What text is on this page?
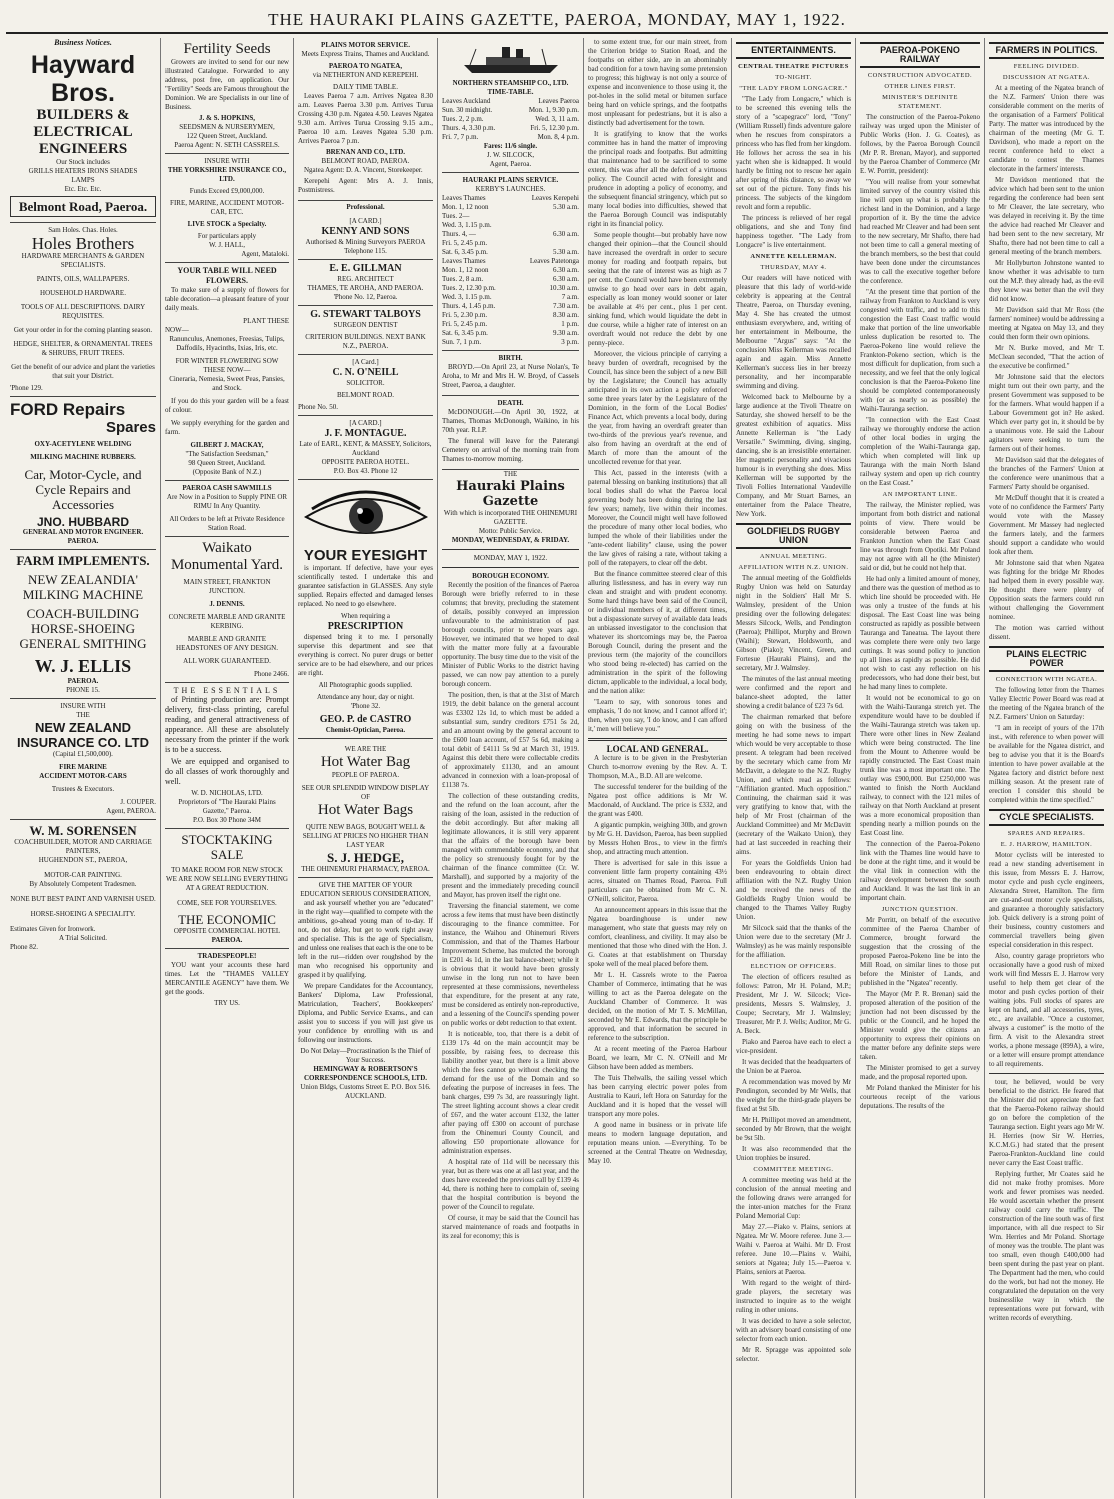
THE HAURAKI PLAINS GAZETTE, PAEROA, MONDAY, MAY 1, 1922.
Business Notices.
Hayward Bros.
BUILDERS &
ELECTRICAL
ENGINEERS
Our Stock includes
GRILLS HEATERS IRONS SHADES LAMPS
Etc. Etc. Etc.
Belmont Road, Paeroa.
Sam Holes. Chas. Holes.
Holes Brothers
HARDWARE MERCHANTS & GARDEN SPECIALISTS.
PAINTS, OILS, WALLPAPERS.
HOUSEHOLD HARDWARE.
TOOLS OF ALL DESCRIPTIONS. DAIRY REQUISITES.
Get your order in for the coming planting season.
HEDGE, SHELTER, & ORNAMENTAL TREES & SHRUBS, FRUIT TREES.
Get the benefit of our advice and plant the varieties that suit your District.
'Phone 129.
FORD Repairs
Spares
OXY-ACETYLENE WELDING
MILKING MACHINE RUBBERS.
Car, Motor-Cycle, and Cycle Repairs and Accessories
JNO. HUBBARD
GENERAL AND MOTOR ENGINEER.
PAEROA.
FARM IMPLEMENTS.
NEW ZEALANDIA' MILKING MACHINE
COACH-BUILDING HORSE-SHOEING GENERAL SMITHING
W. J. ELLIS
PAEROA.
PHONE 15.
INSURE WITH
THE
NEW ZEALAND INSURANCE CO. LTD
(Capital £1,500,000).
FIRE MARINE
ACCIDENT MOTOR-CARS
Trustees & Executors.
J. COUPER.
Agent, PAEROA.
W. M. SORENSEN
COACHBUILDER, MOTOR AND CARRIAGE PAINTERS,
HUGHENDON ST., PAEROA,
MOTOR-CAR PAINTING.
By Absolutely Competent Tradesmen.
NONE BUT BEST PAINT AND VARNISH USED.
HORSE-SHOEING A SPECIALITY.
Estimates Given for Ironwork.
A Trial Solicited.
Phone 82.
Fertility Seeds

Growers are invited to send for our new illustrated Catalogue. Forwarded to any address, post free, on application. Our "Fertility" Seeds are Famous throughout the Dominion. We are Specialists in our line of Business.

J. & S. HOPKINS,
SEEDSMEN & NURSERYMEN,
122 Queen Street, Auckland.
Paeroa Agent: N. SETH CASSRELS.
INSURE WITH
THE YORKSHIRE INSURANCE CO., LTD.
Funds Exceed £9,000,000.
FIRE, MARINE, ACCIDENT MOTOR-CAR, ETC.
LIVE STOCK a Specialty.
For particulars apply
W. J. HALL,
Agent, Mataloki.
YOUR TABLE WILL NEED FLOWERS.

To make sure of a supply of flowers for table decoration—a pleasant feature of your daily meals.

PLANT THESE
NOW—
Ranunculus, Anemones, Freesias, Tulips, Daffodils, Hyacinths, Ixias, Iris, etc.
FOR WINTER FLOWERING SOW THESE NOW—
Cineraria, Nemesia, Sweet Peas, Pansies, and Stock.

If you do this your garden will be a feast of colour.

We supply everything for the garden and farm.

GILBERT J. MACKAY,
"The Satisfaction Seedsman,"
98 Queen Street, Auckland.
(Opposite Bank of N.Z.)
PAEROA CASH SAWMILLS
Are Now in a Position to Supply PINE OR RIMU In Any Quantity.
All Orders to be left at Private Residence Station Road.
Waikato Monumental Yard.
MAIN STREET, FRANKTON
JUNCTION.
J. DENNIS.
CONCRETE MARBLE AND GRANITE KERBING.
MARBLE AND GRANITE HEADSTONES OF ANY DESIGN.
ALL WORK GUARANTEED.
Phone 2466.
THE ESSENTIALS

of Printing production are: Prompt delivery, first-class printing, careful reading, and general attractiveness of appearance. All these are absolutely necessary from the printer if the work is to be a success.

We are equipped and organised to do all classes of work thoroughly and well.

W. D. NICHOLAS, LTD.
Proprietors of "The Hauraki Plains Gazette," Paeroa.
P.O. Box 30 Phone 34M
STOCKTAKING SALE
TO MAKE ROOM FOR NEW STOCK WE ARE NOW SELLING EVERYTHING AT A GREAT REDUCTION.
COME, SEE FOR YOURSELVES.
THE ECONOMIC
OPPOSITE COMMERCIAL HOTEL
PAEROA.
TRADESPEOPLE!

YOU want your accounts these hard times. Let the "THAMES VALLEY MERCANTILE AGENCY" have them. We get the goods.

TRY US.
PLAINS MOTOR SERVICE.
Meets Express Trains, Thames and Auckland.
PAEROA TO NGATEA,
via NETHERTON AND KEREPEHI.
DAILY TIME TABLE.

Leaves Paeroa 7 a.m. Arrives Ngatea 8.30 a.m. Leaves Paeroa 3.30 p.m. Arrives Turua Crossing 4.30 p.m. Ngatea 4.50. Leaves Ngatea 9.30 a.m. Arrives Turua Crossing 9.15 a.m., Paeroa 10 a.m. Leaves Ngatea 5.30 p.m. Arrives Paeroa 7 p.m.

BRENAN AND CO., LTD.
BELMONT ROAD, PAEROA.

Ngatea Agent: D. A. Vincent, Storekeeper.

Kerepehi Agent: Mrs A. J. Innis, Postmistress.

Professional.
[A CARD.]
KENNY AND SONS
Authorised & Mining Surveyors PAEROA
Telephone 115.
E. E. GILLMAN
REG. ARCHITECT
THAMES, TE AROHA, AND PAEROA.
'Phone No. 12, Paeroa.
G. STEWART TALBOYS
SURGEON DENTIST
CRITERION BUILDINGS. NEXT BANK N.Z., PAEROA.
[A Card.]
C. N. O'NEILL
SOLICITOR.
BELMONT ROAD.
Phone No. 50.
[A CARD.]
J. F. MONTAGUE.
Late of EARL, KENT, & MASSEY, Solicitors, Auckland
OPPOSITE PAEROA HOTEL.
P.O. Box 43. Phone 12
YOUR EYESIGHT

is important. If defective, have your eyes scientifically tested. I undertake this and guarantee satisfaction in GLASSES. Any style supplied. Repairs effected and damaged lenses replaced. No need to go elsewhere.

When requiring a
PRESCRIPTION

dispensed bring it to me. I personally supervise this department and see that everything is correct. No purer drugs or better service are to be had elsewhere, and our prices are right.

All Photographic goods supplied.
Attendance any hour, day or night.
'Phone 32.
GEO. P. de CASTRO
Chemist-Optician, Paeroa.
WE ARE THE
Hot Water Bag
PEOPLE OF PAEROA.
SEE OUR SPLENDID WINDOW DISPLAY OF
Hot Water Bags
QUITE NEW BAGS, BOUGHT WELL & SELLING AT PRICES NO HIGHER THAN LAST YEAR
S. J. HEDGE,
THE OHINEMURI PHARMACY, PAEROA.
GIVE THE MATTER OF YOUR EDUCATION SERIOUS CONSIDERATION,

and ask yourself whether you are "educated" in the right way—qualified to compete with the ambitious, go-ahead young man of to-day. If not, do not delay, but get to work right away and specialise. This is the age of Specialism, and unless one realises that each is the one to be left in the rut—ridden over roughshod by the man who recognised his opportunity and grasped it by qualifying.

We prepare Candidates for the Accountancy, Bankers' Diploma, Law Professional, Matriculation, Teachers', Bookkeepers' Diploma, and Public Service Exams., and can assist you to success if you will just give us your confidence by enrolling with us and following our instructions.

Do Not Delay—Procrastination Is the Thief of Your Success.
HEMINGWAY & ROBERTSON'S CORRESPONDENCE SCHOOLS, LTD.
Union Bldgs, Customs Street E. P.O. Box 516. AUCKLAND.
NORTHERN STEAMSHIP CO., LTD.
TIME-TABLE.
Leaves Auckland	Leaves Paeroa
Sun. 30 midnight.	Mon. 1, 9.30 p.m.
Tues. 2, 2 p.m.	Wed. 3, 11 a.m.
Thurs. 4, 3.30 p.m.	Fri. 5, 12.30 p.m.
Fri. 7, 7 p.m.	Mon. 8, 4 p.m.
Fares: 11/6 single.
J. W. SILCOCK,
Agent, Paeroa.
HAURAKI PLAINS SERVICE.
KERBY'S LAUNCHES.
Leaves Thames	Leaves Kerepehi
Mon. 1, 12 noon	5.30 a.m.
Tues. 2—
Wed. 3, 1.15 p.m.
Thurs. 4, —	6.30 a.m.
Fri. 5, 2.45 p.m.
Sat. 6, 3.45 p.m.	5.30 a.m.
Leaves Thames	Leaves Patetonga
Mon. 1, 12 noon	6.30 a.m.
Tues. 2, 8 a.m.	6.30 a.m.
Tues. 2, 12.30 p.m.	10.30 a.m.
Wed. 3, 1.15 p.m.	7 a.m.
Thurs. 4, 1.45 p.m.	7.30 a.m.
Fri. 5, 2.30 p.m.	8.30 a.m.
Fri. 5, 2.45 p.m.	1 p.m.
Sat. 6, 3.45 p.m.	9.30 a.m.
Sun. 7, 1 p.m.	3 p.m.
BIRTH.

BROYD.—On April 23, at Nurse Nolan's, Te Aroha, to Mr and Mrs H. W. Broyd, of Cassels Street, Paeroa, a daughter.

DEATH.

McDONOUGH.—On April 30, 1922, at Thames, Thomas McDonough, Waikino, in his 70th year. R.I.P.

The funeral will leave for the Paterangi Cemetery on arrival of the morning train from Thames to-morrow morning.

THE
Hauraki Plains Gazette
With which is incorporated THE OHINEMURI GAZETTE.
Motto: Public Service.
MONDAY, WEDNESDAY, & FRIDAY.
MONDAY, MAY 1, 1922.
BOROUGH ECONOMY.

Recently the position of the finances of Paeroa Borough were briefly referred to in these columns; that brevity, precluding the statement of details, possibly conveyed an impression unfavourable to the administration of past borough councils, prior to three years ago. However, we intimated that we hoped to deal with the matter more fully at a favourable opportunity. The busy time due to the visit of the Minister of Public Works to the district having passed, we can now pay attention to a purely borough concern.

The position, then, is that at the 31st of March 1919, the debit balance on the general account was £3302 12s 1d, to which must be added a substantial sum, sundry creditors £751 5s 2d, and an amount owing by the general account to the £600 loan account, of £57 5s 6d, making a total debit of £4111 5s 9d at March 31, 1919. Against this debit there were collectable credits of approximately £1130, and an amount advanced in connexion with a loan-proposal of £1138 7s.

The collection of these outstanding credits, and the refund on the loan account, after the raising of the loan, assisted in the reduction of the debit accordingly. But after making all legitimate allowances, it is still very apparent that the affairs of the borough have been managed with commendable economy, and that the policy so strenuously fought for by the chairman of the finance committee (Cr. W. Marshall), and supported by a majority of the present and the immediately preceding council and Mayor, has proven itself the right one.

Traversing the financial statement, we come across a few items that must have been distinctly discouraging to the finance committee. For instance, the Waihou and Ohinemuri Rivers Commission, and that of the Thames Harbour Improvement Scheme, has mulcted the borough in £201 4s 1d, in the last balance-sheet; while it is obvious that it would have been grossly unwise in the long run not to have been represented at these commissions, nevertheless that expenditure, for the present at any rate, must be considered as entirely non-reproductive, and a lessening of the Council's spending power on public works or debt reduction to that extent.

It is noticeable, too, that there is a debit of £139 17s 4d on the main account;it may be possible, by raising fees, to decrease this liability another year, but there is a limit above which the fees cannot go without checking the demand for the use of the Domain and so defeating the purpose of increases in fees. The bank charges, £99 7s 3d, are reassuringly light. The street lighting account shows a clear credit of £67, and the water account £132, the latter after paying off £300 on account of purchase from the Ohinemuri County Council, and allowing £50 proportionate allowance for administration expenses.

A hospital rate of 11d will be necessary this year, but as there was one at all last year, and the dues have exceeded the previous call by £139 4s 4d, there is nothing here to complain of, seeing that the hospital contribution is beyond the power of the Council to regulate.

Of course, it may be said that the Council has starved maintenance of roads and footpaths in its zeal for economy; this is

to some extent true, for our main street, from the Criterion bridge to Station Road, and the footpaths on either side, are in an abominably bad condition for a town having some pretension to progress; this highway is not only a source of expense and inconvenience to those using it, the pot-holes in the solid metal or bitumen surface being hard on vehicle springs, and the footpaths most unpleasant for pedestrians, but it is also a distinctly bad advertisement for the town.

It is gratifying to know that the works committee has in hand the matter of improving the principal roads and footpaths. But admitting that maintenance had to be sacrificed to some extent, this was after all the defect of a virtuous policy. The Council acted with foresight and prudence in adopting a policy of economy, and the subsequent financial stringency, which put so many local bodies into difficulties, shewed that the Paeroa Borough Council was indisputably right in its financial policy.

Some people thought—but probably have now changed their opinion—that the Council should have increased the overdraft in order to secure money for roading and footpath repairs, but seeing that the rate of interest was as high as 7 per cent. the Council would have been extremely unwise to go head over ears in debt again, especially as loan money would sooner or later be available at 4½ per cent., plus 1 per cent. sinking fund, which would liquidate the debt in due course, while a higher rate of interest on an overdraft would not reduce the debt by one penny-piece.

Moreover, the vicious principle of carrying a heavy burden of overdraft, recognised by the Council, has since been the subject of a new Bill by the Legislature; the Council has actually anticipated in its own action a policy enforced some three years later by the Legislature of the Dominion, in the form of the Local Bodies' Finance Act, which prevents a local body, during the year, from having an overdraft greater than two-thirds of the previous year's revenue, and also from having an overdraft at the end of March of more than the amount of the uncollected revenue for that year.

This Act, passed in the interests (with a paternal blessing on banking institutions) that all local bodies shall do what the Paeroa local governing body has been doing during the last few years; namely, live within their incomes. Moreover, the Council might well have followed the procedure of many other local bodies, who lumped the whole of their liabilities under the "ante-cedent liability" clause, using the power the law gives of raising a rate, without taking a poll of the ratepayers, to clear off the debt.

But the finance committee steered clear of this alluring listlessness, and has in every way run clean and straight and with prudent economy. Some hard things have been said of the Council, or individual members of it, at different times, but a dispassionate survey of available data leads an unbiassed investigator to the conclusion that whatever its shortcomings may be, the Paeroa Borough Council, during the present and the previous term (the majority of the councillors who stood being re-elected) has carried on the administration in the spirit of the following dictum, applicable to the individual, a local body, and the nation alike:

"Learn to say, with sonorous tones and emphasis, 'I do not know, and I cannot afford it'; then, when you say, 'I do know, and I can afford it,' men will believe you."

LOCAL AND GENERAL.

A lecture is to be given in the Presbyterian Church to-morrow evening by the Rev. A. T. Thompson, M.A., B.D. All are welcome.

The successful tenderer for the building of the Ngatea post office additions is Mr W. Macdonald, of Auckland. The price is £332, and the grant was £400.

A gigantic pumpkin, weighing 30lb, and grown by Mr G. H. Davidson, Paeroa, has been supplied by Messrs Hohen Bros., to view in the firm's shop, and attracting much attention.

There is advertised for sale in this issue a convenient little farm property containing 43½ acres, situated on Thames Road, Paeroa. Full particulars can be obtained from Mr C. N. O'Neill, solicitor, Paeroa.

An announcement appears in this issue that the Ngatea boardinghouse is under new management, who state that guests may rely on comfort, cleanliness, and civility. It may also be mentioned that those who dined with the Hon. J. G. Coates at that establishment on Thursday spoke well of the meal placed before them.

Mr L. H. Cassrels wrote to the Paeroa Chamber of Commerce, intimating that he was willing to act as the Paeroa delegate on the Auckland Chamber of Commerce. It was decided, on the motion of Mr T. S. McMillan, seconded by Mr E. Edwards, that the principle be approved, and that information be secured in reference to the subscription.

At a recent meeting of the Paeroa Harbour Board, we learn, Mr C. N. O'Neill and Mr Gibson have been added as members.

The Tuis Thelwalls, the sailing vessel which has been carrying electric power poles from Australia to Kauri, left Hora on Saturday for the Auckland and it is hoped that the vessel will transport any more poles.

A good name in business or in private life means to modern language deputation, and reputation means union. —Everything. To be screened at the Central Theatre on Wednesday, May 10.

ENTERTAINMENTS.
CENTRAL THEATRE PICTURES
TO-NIGHT.
"THE LADY FROM LONGACRE."

"The Lady from Longacre," which is to be screened this evening tells the story of a "scapegrace" lord, "Tony" (William Russell) finds adventure galore when he rescues from conspirators a princess who has fled from her kingdom. He follows her across the sea in his yacht when she is kidnapped. It would hardly be fitting not to rescue her again after spring of this distance, so away we set out of the picture. Tony finds his princess. The subjects of the kingdom revolt and form a republic.

The princess is relieved of her regal obligations, and she and Tony find happiness together. "The Lady from Longacre" is live entertainment.

ANNETTE KELLERMAN.
THURSDAY, MAY 4.

Our readers will have noticed with pleasure that this lady of world-wide celebrity is appearing at the Central Theatre, Paeroa, on Thursday evening, May 4. She has created the utmost enthusiasm everywhere, and, writing of her entertainment in Melbourne, the Melbourne "Argus" says: "At the conclusion Miss Kellerman was recalled again and again. Miss Annette Kellerman's success lies in her breezy personality, and her incomparable swimming and diving.

Welcomed back to Melbourne by a large audience at the Tivoli Theatre on Saturday, she showed herself to be the greatest exhibition of aquatics. Miss Annette Kellerman is "the Lady Versatile." Swimming, diving, singing, dancing, she is an irresistible entertainer. Her magnetic personality and vivacious humour is in everything she does. Miss Kellerman will be supported by the Tivoli Follies International Vaudeville Company, and Mr Stuart Barnes, an entertainer from the Palace Theatre, New York.

GOLDFIELDS RUGBY UNION
ANNUAL MEETING.
AFFILIATION WITH N.Z. UNION.

The annual meeting of the Goldfields Rugby Union was held on Saturday night in the Soldiers' Hall Mr S. Walmsley, president of the Union presiding over the following delegates: Messrs Silcock, Wells, and Pendington (Paeroa); Phillipot, Murphy and Brown (Waihi); Stewart, Holdsworth, and Gibson (Piako); Vincent, Green, and Fortesue (Hauraki Plains), and the secretary, Mr J. Walmsley.

The minutes of the last annual meeting were confirmed and the report and balance-sheet adopted, the latter showing a credit balance of £23 7s 6d.

The chairman remarked that before going on with the business of the meeting he had some news to impart which would be very acceptable to those present. A telegram had been received by the secretary which came from Mr McDavitt, a delegate to the N.Z. Rugby Union, and which read as follows: "Affiliation granted. Much opposition." Continuing, the chairman said it was very gratifying to know that, with the help of Mr Frost (chairman of the Auckland Committee) and Mr McDavitt (secretary of the Waikato Union), they had at last succeeded in reaching their aims.

For years the Goldfields Union had been endeavouring to obtain direct affiliation with the N.Z. Rugby Union and be received the news of the Goldfields Rugby Union would be changed to the Thames Valley Rugby Union.

Mr Silcock said that the thanks of the Union were due to the secretary (Mr J. Walmsley) as he was mainly responsible for the affiliation.

ELECTION OF OFFICERS.

The election of officers resulted as follows: Patron, Mr H. Poland, M.P.; President, Mr J. W. Silcock; Vice-presidents, Messrs S. Walmsley, J. Coupe; Secretary, Mr J. Walmsley; Treasurer, Mr P. J. Wells; Auditor, Mr G. A. Beck.

Piako and Paeroa have each to elect a vice-president.

It was decided that the headquarters of the Union be at Paeroa.

A recommendation was moved by Mr Pendington, seconded by Mr Wells, that the weight for the third-grade players be fixed at 9st 5lb.

Mr H. Phillipot moved an amendment, seconded by Mr Brown, that the weight be 9st 5lb.

It was also recommended that the Union trophies be insured.

COMMITTEE MEETING.

A committee meeting was held at the conclusion of the annual meeting and the following draws were arranged for the inter-union matches for the Franz Poland Memorial Cup:

May 27.—Piako v. Plains, seniors at Ngatea. Mr W. Moore referee. June 3.—Waihi v. Paeroa at Waihi. Mr D. Frost referee. June 10.—Plains v. Waihi, seniors at Ngatea; July 15.—Paeroa v. Plains, seniors at Paeroa.

With regard to the weight of third-grade players, the secretary was instructed to inquire as to the weight ruling in other unions.

It was decided to have a sole selector, with an advisory board consisting of one selector from each union.

Mr R. Spragge was appointed sole selector.

PAEROA-POKENO RAILWAY
CONSTRUCTION ADVOCATED.
OTHER LINES FIRST.
MINISTER'S DEFINITE STATEMENT.

The construction of the Paeroa-Pokeno railway was urged upon the Minister of Public Works (Hon. J. G. Coates), as follows, by the Paeroa Borough Council (Mr P. R. Brenan, Mayor), and supported by the Paeroa Chamber of Commerce (Mr E. W. Porritt, president):

"You will realise from your somewhat limited survey of the country visited this line will open up what is probably the richest land in the Dominion, and a large proportion of it. By the time the advice had reached Mr Cleaver and had been sent to the new secretary, Mr Shafto, there had not been time to call a general meeting of the branch members, so the best that could have been done under the circumstances was to call the executive together before the conference.

"At the present time that portion of the railway from Frankton to Auckland is very congested with traffic, and to add to this congestion the East Coast traffic would make that portion of the line unworkable unless duplication be resorted to. The Paeroa-Pokeno line would relieve the Frankton-Pokeno section, which is the most difficult for duplication, from such a necessity, and we feel that the only logical conclusion is that the Paeroa-Pokeno line should be completed contemporaneously with (or as nearly so as possible) the Waihi-Tauranga section.

"In connection with the East Coast railway we thoroughly endorse the action of other local bodies in urging the completion of the Waihi-Tauranga gap, which when completed will link up Tauranga with the main North Island railway system and open up rich country on the East Coast."

AN IMPORTANT LINE.

The railway, the Minister replied, was important from both district and national points of view. There would be considerable between Paeroa and Frankton Junction when the East Coast line was through from Opotiki. Mr Poland may not agree with all he (the Minister) said or did, but he could not help that.

He had only a limited amount of money, and there was the question of method as to which line should be proceeded with. He was only a trustee of the funds at his disposal. The East Coast line was being constructed as rapidly as possible between Tauranga and Taneatua. The layout there was complete there were only two large cuttings. It was sound policy to junction up all lines as rapidly as possible. He did not wish to cast any reflection on his predecessors, who had done their best, but he had many lines to complete.

It would not be economical to go on with the Waihi-Tauranga stretch yet. The expenditure would have to be doubled if the Waihi-Tauranga stretch was taken up. There were other lines in New Zealand which were being constructed. The line from the Mount to Athenree would be rapidly constructed. The East Coast main trunk line was a most important one. The outlay was £900,000. But £250,000 was wanted to finish the North Auckland railway, to connect with the 121 miles of railway on that North Auckland at present was a more economical proposition than spending nearly a million pounds on the East Coast line.

The connection of the Paeroa-Pokeno link with the Thames line would have to be done at the right time, and it would be the vital link in connection with the railway development between the south and Auckland. It was the last link in an important chain.

JUNCTION QUESTION.

Mr Porritt, on behalf of the executive committee of the Paeroa Chamber of Commerce, brought forward the suggestion that the crossing of the proposed Paeroa-Pokeno line be into the Mill Road, on similar lines to those put before the Minister of Lands, and published in the "Ngatea" recently.

The Mayor (Mr P. R. Brenan) said the proposed alteration of the position of the junction had not been discussed by the public or the Council, and he hoped the Minister would give the citizens an opportunity to express their opinions on the matter before any definite steps were taken.

The Minister promised to get a survey made, and the proposal reported upon.

Mr Poland thanked the Minister for his courteous receipt of the various deputations. The results of the

FARMERS IN POLITICS.
FEELING DIVIDED.
DISCUSSION AT NGATEA.

At a meeting of the Ngatea branch of the N.Z. Farmers' Union there was considerable comment on the merits of the organisation of a Farmers' Political Party. The matter was introduced by the chairman of the meeting (Mr G. T. Davidson), who made a report on the recent conference held to elect a candidate to contest the Thames electorate in the farmers' interests.

Mr Davidson mentioned that the advice which had been sent to the union regarding the conference had been sent to Mr Cleaver, the late secretary, who was delayed in receiving it. By the time the advice had reached Mr Cleaver and had been sent to the new secretary, Mr Shafto, there had not been time to call a general meeting of the branch members.

Mr Hollyburton Johnstone wanted to know whether it was advisable to turn out the M.P. they already had, as the evil they knew was better than the evil they did not know.

Mr Davidson said that Mr Ross (the farmers' nominee) would be addressing a meeting at Ngatea on May 13, and they could then form their own opinions.

Mr N. Burke moved, and Mr T. McClean seconded, "That the action of the executive be confirmed."

Mr Johnstone said that the electors might turn out their own party, and the present Government was supposed to be for the farmers. What would happen if a Labour Government got in? He asked. Which ever party got in, it should be by a unanimous vote. He said the Labour agitators were seeking to turn the farmers out of their homes.

Mr Davidson said that the delegates of the branches of the Farmers' Union at the conference were unanimous that a Farmers' Party should be organised.

Mr McDuff thought that it is created a vote of no confidence the Farmers' Party would vote with the Massey Government. Mr Massey had neglected the farmers lately, and the farmers should support a candidate who would look after them.

Mr Johnstone said that when Ngatea was fighting for the bridge Mr Rhodes had helped them in every possible way. He thought there were plenty of Opposition seats the farmers could run without challenging the Government nominee.

The motion was carried without dissent.

PLAINS ELECTRIC POWER
CONNECTION WITH NGATEA.

The following letter from the Thames Valley Electric Power Board was read at the meeting of the Ngatea branch of the N.Z. Farmers' Union on Saturday:

"I am in receipt of yours of the 17th inst., with reference to when power will be available for the Ngatea district, and beg to advise you that it is the Board's intention to have power available at the Ngatea factory and district before next milking season. At the present rate of erection I consider this should be completed within the time specified."

CYCLE SPECIALISTS.
SPARES AND REPAIRS.
E. J. HARROW, HAMILTON.

Motor cyclists will be interested to read a new standing advertisement in this issue, from Messrs E. J. Harrow, motor cycle and push cycle engineers, Alexandra Street, Hamilton. The firm are cut-and-out motor cycle specialists, and guarantee a thoroughly satisfactory job. Quick delivery is a strong point of their business, country customers and commercial travellers being given especial consideration in this respect.

Also, country garage proprietors who occasionally have a good rush of mixed work will find Messrs E. J. Harrow very useful to help them get clear of the motor and push cycles portion of their waiting jobs. Full stocks of spares are kept on hand, and all accessories, tyres, etc., are available. "Once a customer, always a customer" is the motto of the firm. A visit to the Alexandra street works, a phone message (899A), a wire, or a letter will ensure prompt attendance to all requirements.

tour, he believed, would be very beneficial to the district. He feared that the Minister did not appreciate the fact that the Paeroa-Pokeno railway should go on before the completion of the Tauranga section. Eight years ago Mr W. H. Herries (now Sir W. Herries, K.C.M.G.) had stated that the present Paeroa-Frankton-Auckland line could never carry the East Coast traffic.

Replying further, Mr Coates said he did not make frothy promises. More work and fewer promises was needed. He would ascertain whether the present railway could carry the traffic. The construction of the line south was of first importance, with all due respect to Sir Wm. Herries and Mr Poland. Shortage of money was the trouble. The plant was too small, even though £400,000 had been spent during the past year on plant. The Department had the men, who could do the work, but had not the money. He congratulated the deputation on the very businesslike way in which the representations were put forward, with written records of everything.
